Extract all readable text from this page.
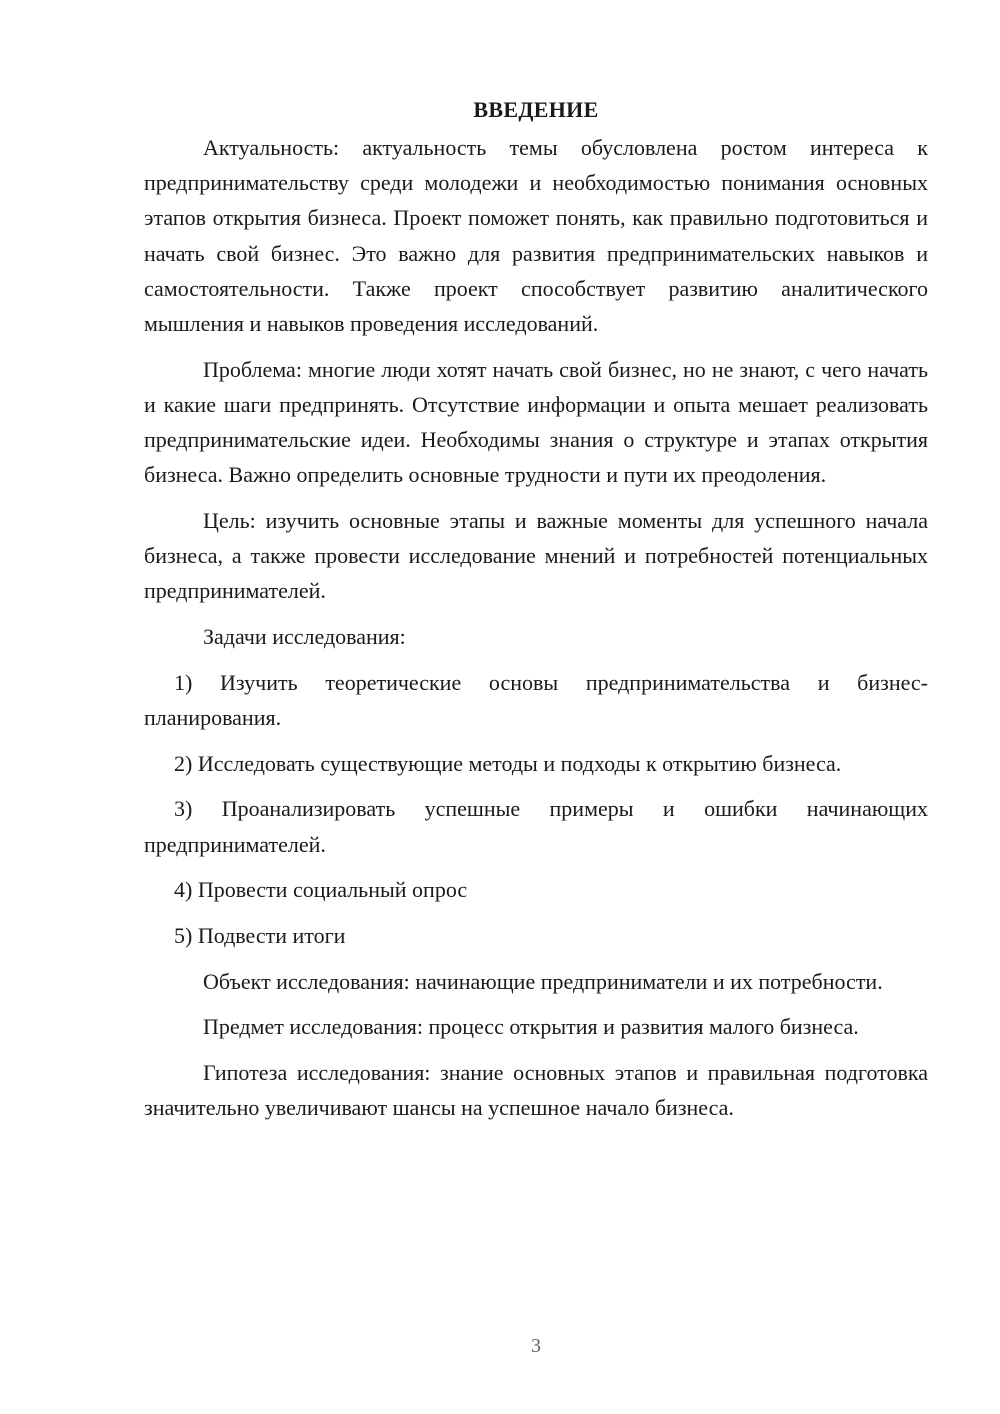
ВВЕДЕНИЕ

Актуальность: актуальность темы обусловлена ростом интереса к предпринимательству среди молодежи и необходимостью понимания основных этапов открытия бизнеса. Проект поможет понять, как правильно подготовиться и начать свой бизнес. Это важно для развития предпринимательских навыков и самостоятельности. Также проект способствует развитию аналитического мышления и навыков проведения исследований.

Проблема: многие люди хотят начать свой бизнес, но не знают, с чего начать и какие шаги предпринять. Отсутствие информации и опыта мешает реализовать предпринимательские идеи. Необходимы знания о структуре и этапах открытия бизнеса. Важно определить основные трудности и пути их преодоления.

Цель: изучить основные этапы и важные моменты для успешного начала бизнеса, а также провести исследование мнений и потребностей потенциальных предпринимателей.

Задачи исследования:

1) Изучить теоретические основы предпринимательства и бизнес-планирования.

2) Исследовать существующие методы и подходы к открытию бизнеса.

3) Проанализировать успешные примеры и ошибки начинающих предпринимателей.

4) Провести социальный опрос

5) Подвести итоги

Объект исследования: начинающие предприниматели и их потребности.

Предмет исследования: процесс открытия и развития малого бизнеса.

Гипотеза исследования: знание основных этапов и правильная подготовка значительно увеличивают шансы на успешное начало бизнеса.

3
